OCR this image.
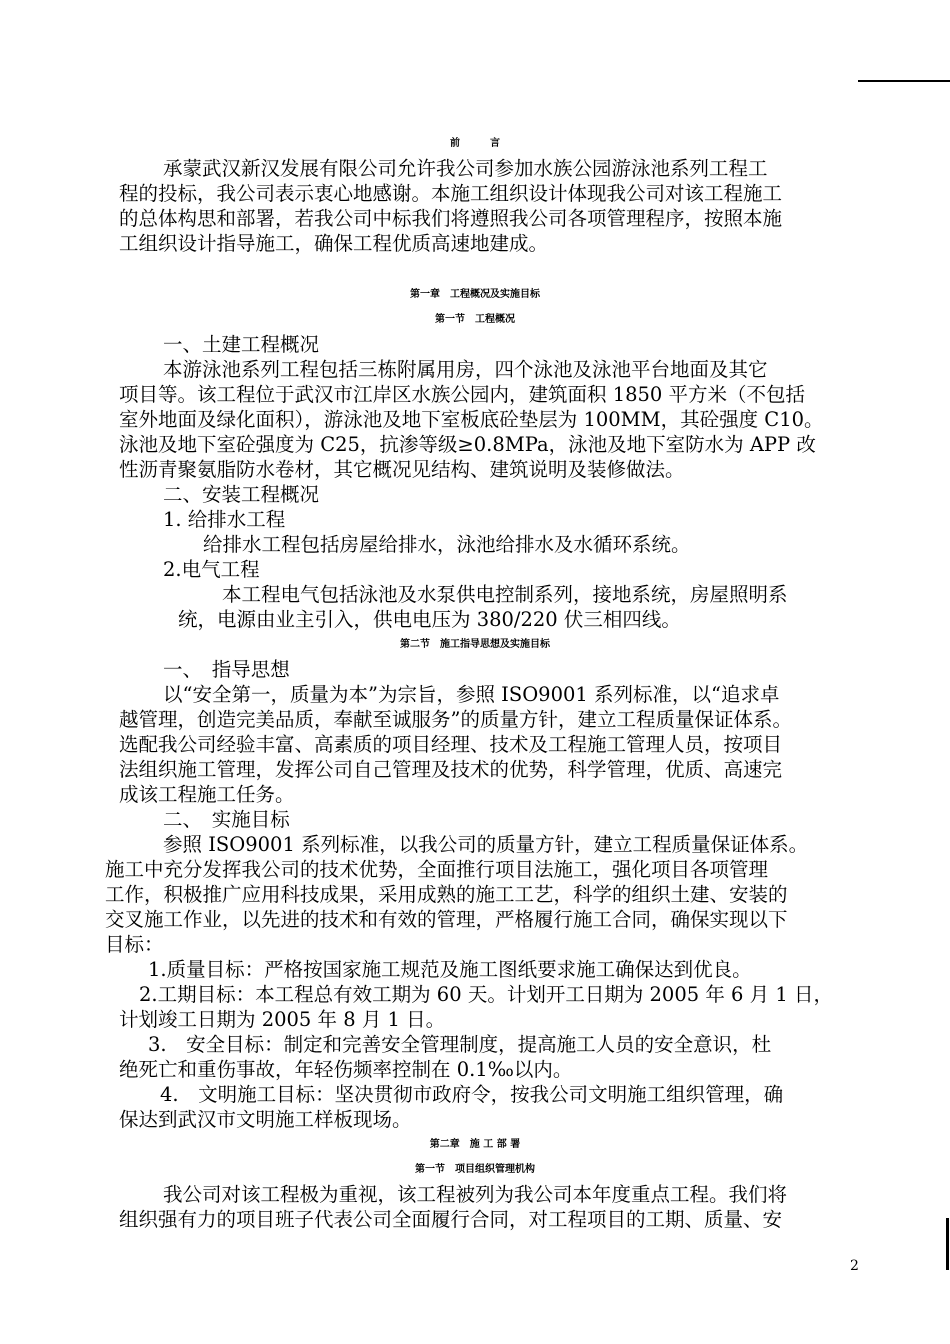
前　　　言
承蒙武汉新汉发展有限公司允许我公司参加水族公园游泳池系列工程工
程的投标，我公司表示衷心地感谢。本施工组织设计体现我公司对该工程施工
的总体构思和部署，若我公司中标我们将遵照我公司各项管理程序，按照本施
工组织设计指导施工，确保工程优质高速地建成。
第一章　工程概况及实施目标
第一节　工程概况
一、土建工程概况
本游泳池系列工程包括三栋附属用房，四个泳池及泳池平台地面及其它
项目等。该工程位于武汉市江岸区水族公园内，建筑面积 1850 平方米（不包括
室外地面及绿化面积），游泳池及地下室板底砼垫层为 100MM，其砼强度 C10。
泳池及地下室砼强度为 C25，抗渗等级≥0.8MPa，泳池及地下室防水为 APP 改
性沥青聚氨脂防水卷材，其它概况见结构、建筑说明及装修做法。
二、安装工程概况
1. 给排水工程
给排水工程包括房屋给排水，泳池给排水及水循环系统。
2.电气工程
本工程电气包括泳池及水泵供电控制系列，接地系统，房屋照明系
统，电源由业主引入，供电电压为 380/220 伏三相四线。
第二节　施工指导思想及实施目标
一、　指导思想
以“安全第一，质量为本”为宗旨，参照 ISO9001 系列标准，以“追求卓
越管理，创造完美品质，奉献至诚服务”的质量方针，建立工程质量保证体系。
选配我公司经验丰富、高素质的项目经理、技术及工程施工管理人员，按项目
法组织施工管理，发挥公司自己管理及技术的优势，科学管理，优质、高速完
成该工程施工任务。
二、　实施目标
参照 ISO9001 系列标准，以我公司的质量方针，建立工程质量保证体系。
施工中充分发挥我公司的技术优势，全面推行项目法施工，强化项目各项管理
工作，积极推广应用科技成果，采用成熟的施工工艺，科学的组织土建、安装的
交叉施工作业，以先进的技术和有效的管理，严格履行施工合同，确保实现以下
目标：
1.质量目标：严格按国家施工规范及施工图纸要求施工确保达到优良。
2.工期目标：本工程总有效工期为 60 天。计划开工日期为 2005 年 6 月 1 日，
计划竣工日期为 2005 年 8 月 1 日。
3.　安全目标：制定和完善安全管理制度，提高施工人员的安全意识，杜
绝死亡和重伤事故，年轻伤频率控制在 0.1‰以内。
4.　文明施工目标：坚决贯彻市政府令，按我公司文明施工组织管理，确
保达到武汉市文明施工样板现场。
第二章　施 工 部 署
第一节　项目组织管理机构
我公司对该工程极为重视，该工程被列为我公司本年度重点工程。我们将
组织强有力的项目班子代表公司全面履行合同，对工程项目的工期、质量、安
2
